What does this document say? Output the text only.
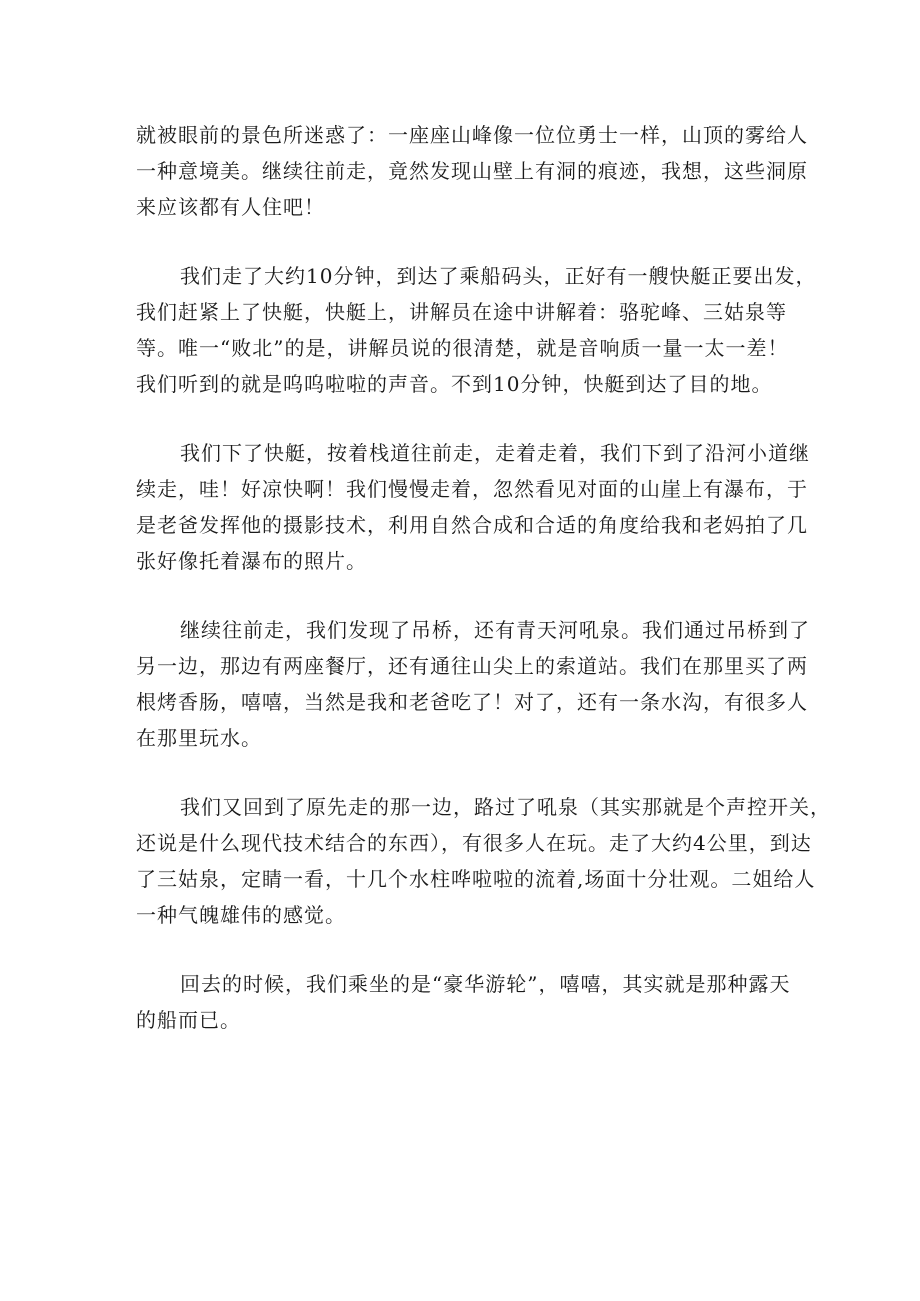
就被眼前的景色所迷惑了：一座座山峰像一位位勇士一样，山顶的雾给人
一种意境美。继续往前走，竟然发现山壁上有洞的痕迹，我想，这些洞原
来应该都有人住吧！
我们走了大约10分钟，到达了乘船码头，正好有一艘快艇正要出发，
我们赶紧上了快艇，快艇上，讲解员在途中讲解着：骆驼峰、三姑泉等
等。唯一“败北”的是，讲解员说的很清楚，就是音响质一量一太一差！
我们听到的就是呜呜啦啦的声音。不到10分钟，快艇到达了目的地。
我们下了快艇，按着栈道往前走，走着走着，我们下到了沿河小道继
续走，哇！好凉快啊！我们慢慢走着，忽然看见对面的山崖上有瀑布，于
是老爸发挥他的摄影技术，利用自然合成和合适的角度给我和老妈拍了几
张好像托着瀑布的照片。
继续往前走，我们发现了吊桥，还有青天河吼泉。我们通过吊桥到了
另一边，那边有两座餐厅，还有通往山尖上的索道站。我们在那里买了两
根烤香肠，嘻嘻，当然是我和老爸吃了！对了，还有一条水沟，有很多人
在那里玩水。
我们又回到了原先走的那一边，路过了吼泉（其实那就是个声控开关，
还说是什么现代技术结合的东西），有很多人在玩。走了大约4公里，到达
了三姑泉，定睛一看，十几个水柱哗啦啦的流着,场面十分壮观。二姐给人
一种气魄雄伟的感觉。
回去的时候，我们乘坐的是“豪华游轮”，嘻嘻，其实就是那种露天
的船而已。
